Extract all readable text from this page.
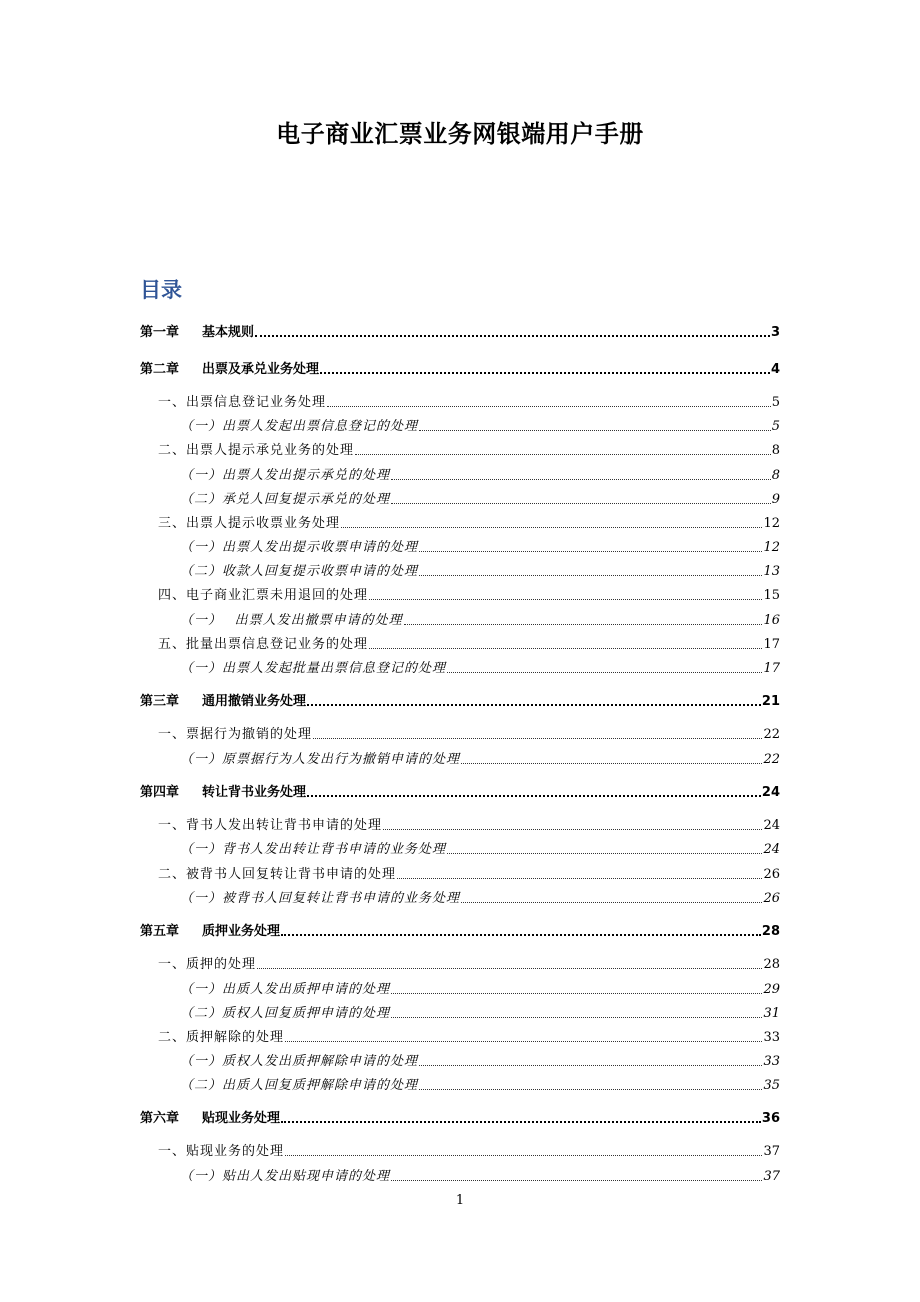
电子商业汇票业务网银端用户手册
目录
第一章 基本规则	3
第二章 出票及承兑业务处理	4
一、出票信息登记业务处理	5
（一）出票人发起出票信息登记的处理	5
二、出票人提示承兑业务的处理	8
（一）出票人发出提示承兑的处理	8
（二）承兑人回复提示承兑的处理	9
三、出票人提示收票业务处理	12
（一）出票人发出提示收票申请的处理	12
（二）收款人回复提示收票申请的处理	13
四、电子商业汇票未用退回的处理	15
（一）　 出票人发出撤票申请的处理	16
五、批量出票信息登记业务的处理	17
（一）出票人发起批量出票信息登记的处理	17
第三章 通用撤销业务处理	21
一、票据行为撤销的处理	22
（一）原票据行为人发出行为撤销申请的处理	22
第四章 转让背书业务处理	24
一、背书人发出转让背书申请的处理	24
（一）背书人发出转让背书申请的业务处理	24
二、被背书人回复转让背书申请的处理	26
（一）被背书人回复转让背书申请的业务处理	26
第五章 质押业务处理	28
一、质押的处理	28
（一）出质人发出质押申请的处理	29
（二）质权人回复质押申请的处理	31
二、质押解除的处理	33
（一）质权人发出质押解除申请的处理	33
（二）出质人回复质押解除申请的处理	35
第六章 贴现业务处理	36
一、贴现业务的处理	37
（一）贴出人发出贴现申请的处理	37
1
